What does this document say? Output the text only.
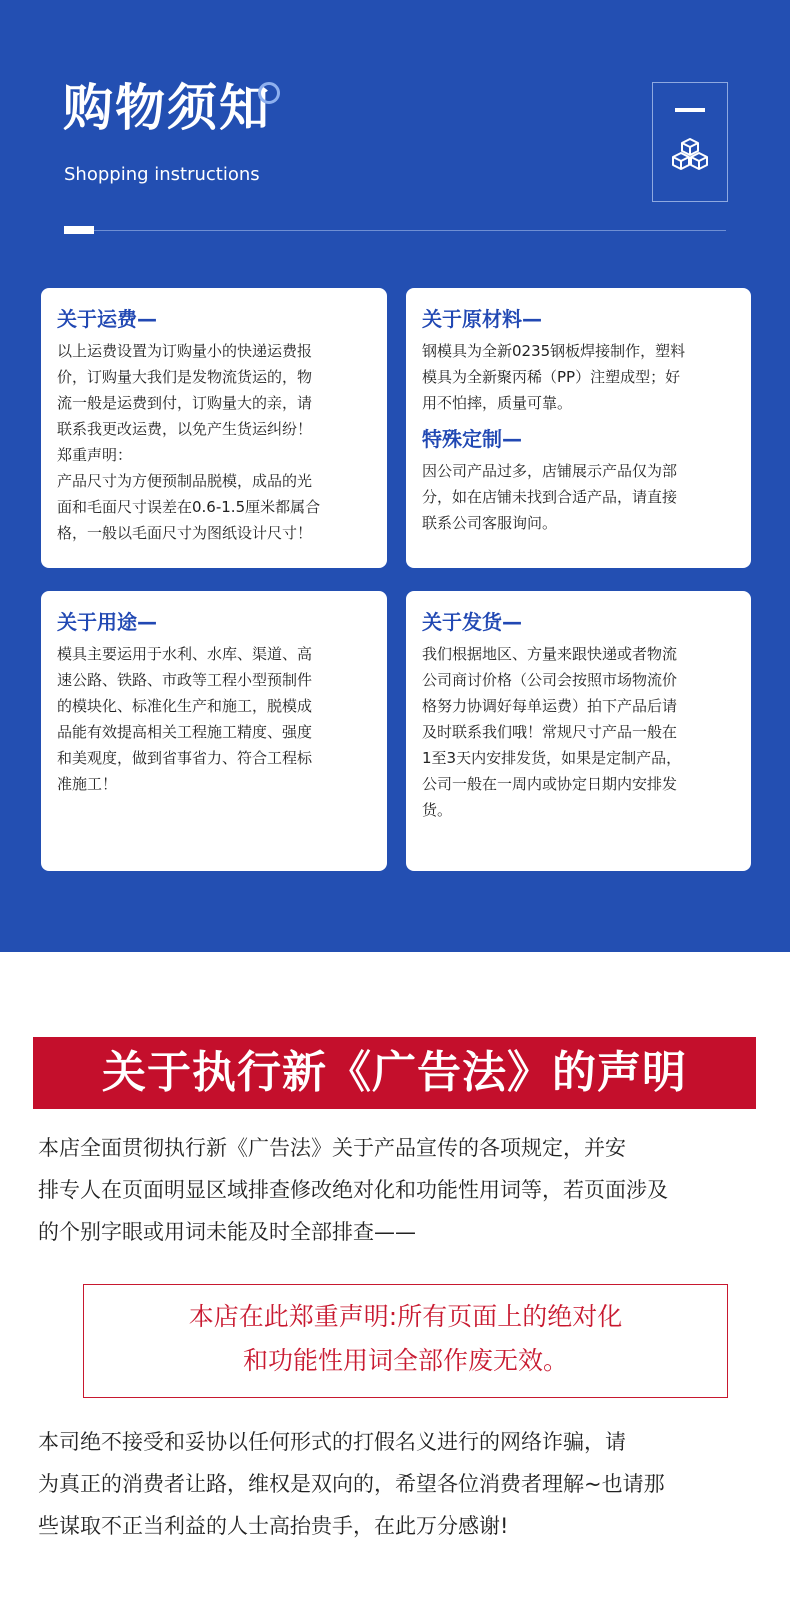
购物须知
Shopping instructions
关于运费—
以上运费设置为订购量小的快递运费报
价，订购量大我们是发物流货运的，物
流一般是运费到付，订购量大的亲，请
联系我更改运费，以免产生货运纠纷！
郑重声明：
产品尺寸为方便预制品脱模，成品的光
面和毛面尺寸误差在0.6-1.5厘米都属合
格，一般以毛面尺寸为图纸设计尺寸！
关于原材料—
钢模具为全新0235钢板焊接制作，塑料
模具为全新聚丙稀（PP）注塑成型；好
用不怕摔，质量可靠。
特殊定制—
因公司产品过多，店铺展示产品仅为部
分，如在店铺未找到合适产品，请直接
联系公司客服询问。
关于用途—
模具主要运用于水利、水库、渠道、高
速公路、铁路、市政等工程小型预制件
的模块化、标准化生产和施工，脱模成
品能有效提高相关工程施工精度、强度
和美观度，做到省事省力、符合工程标
准施工！
关于发货—
我们根据地区、方量来跟快递或者物流
公司商讨价格（公司会按照市场物流价
格努力协调好每单运费）拍下产品后请
及时联系我们哦！常规尺寸产品一般在
1至3天内安排发货，如果是定制产品，
公司一般在一周内或协定日期内安排发
货。
关于执行新《广告法》的声明
本店全面贯彻执行新《广告法》关于产品宣传的各项规定，并安
排专人在页面明显区域排查修改绝对化和功能性用词等，若页面涉及
的个别字眼或用词未能及时全部排查——
本店在此郑重声明:所有页面上的绝对化
和功能性用词全部作废无效。
本司绝不接受和妥协以任何形式的打假名义进行的网络诈骗，请
为真正的消费者让路，维权是双向的，希望各位消费者理解~也请那
些谋取不正当利益的人士高抬贵手，在此万分感谢!
